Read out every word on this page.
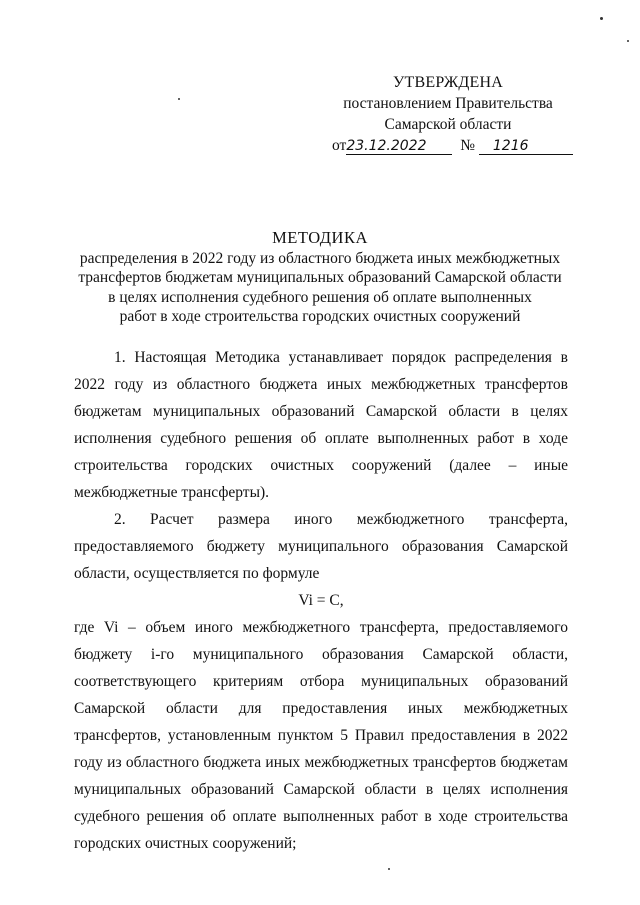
УТВЕРЖДЕНА
постановлением Правительства
Самарской области
от23.12.2022 № 1216
МЕТОДИКА
распределения в 2022 году из областного бюджета иных межбюджетных
трансфертов бюджетам муниципальных образований Самарской области
в целях исполнения судебного решения об оплате выполненных
работ в ходе строительства городских очистных сооружений

1. Настоящая Методика устанавливает порядок распределения в 2022 году из областного бюджета иных межбюджетных трансфертов бюджетам муниципальных образований Самарской области в целях исполнения судебного решения об оплате выполненных работ в ходе строительства городских очистных сооружений (далее – иные межбюджетные трансферты).

2. Расчет размера иного межбюджетного трансферта, предоставляемого бюджету муниципального образования Самарской области, осуществляется по формуле

Vi = C,

где Vi – объем иного межбюджетного трансферта, предоставляемого бюджету i-го муниципального образования Самарской области, соответствующего критериям отбора муниципальных образований Самарской области для предоставления иных межбюджетных трансфертов, установленным пунктом 5 Правил предоставления в 2022 году из областного бюджета иных межбюджетных трансфертов бюджетам муниципальных образований Самарской области в целях исполнения судебного решения об оплате выполненных работ в ходе строительства городских очистных сооружений;
